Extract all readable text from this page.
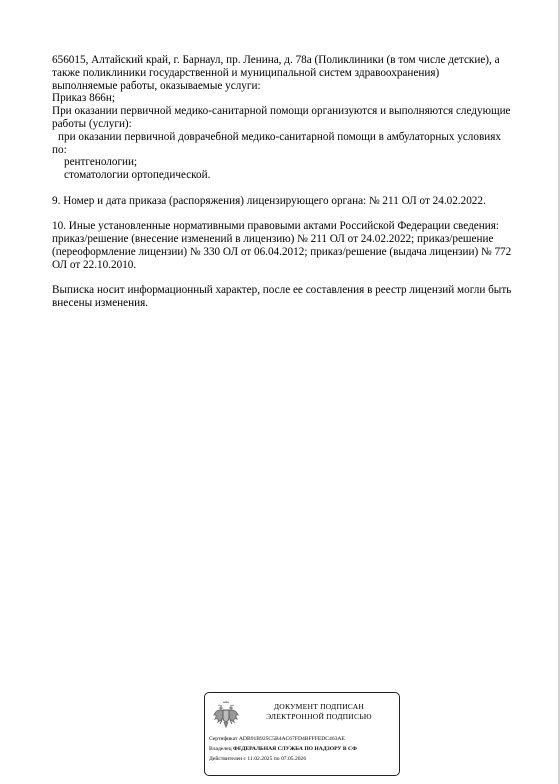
656015, Алтайский край, г. Барнаул, пр. Ленина, д. 78а (Поликлиники (в том числе детские), а
также поликлиники государственной и муниципальной систем здравоохранения)
выполняемые работы, оказываемые услуги:
Приказ 866н;
При оказании первичной медико-санитарной помощи организуются и выполняются следующие
работы (услуги):
при оказании первичной доврачебной медико-санитарной помощи в амбулаторных условиях
по:
рентгенологии;
стоматологии ортопедической.
9. Номер и дата приказа (распоряжения) лицензирующего органа: № 211 ОЛ от 24.02.2022.
10. Иные установленные нормативными правовыми актами Российской Федерации сведения:
приказ/решение (внесение изменений в лицензию) № 211 ОЛ от 24.02.2022; приказ/решение
(переоформление лицензии) № 330 ОЛ от 06.04.2012; приказ/решение (выдача лицензии) № 772
ОЛ от 22.10.2010.
Выписка носит информационный характер, после ее составления в реестр лицензий могли быть
внесены изменения.
ДОКУМЕНТ ПОДПИСАН
ЭЛЕКТРОННОЙ ПОДПИСЬЮ
Сертификат ADB91B925C5B4AC67FD4BFFFEDC463AE
Владелец ФЕДЕРАЛЬНАЯ СЛУЖБА ПО НАДЗОРУ В СФ
Действителен с 11.02.2025 по 07.05.2026
